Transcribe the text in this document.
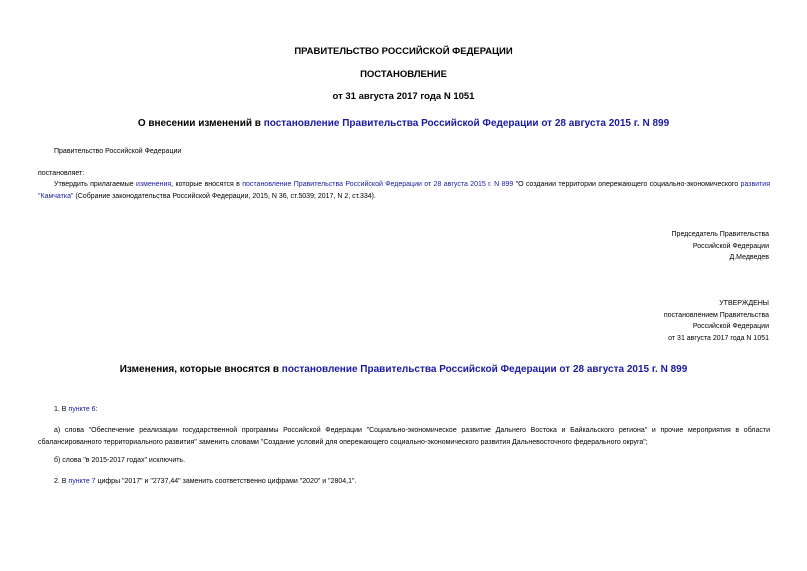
ПРАВИТЕЛЬСТВО РОССИЙСКОЙ ФЕДЕРАЦИИ
ПОСТАНОВЛЕНИЕ
от 31 августа 2017 года N 1051
О внесении изменений в постановление Правительства Российской Федерации от 28 августа 2015 г. N 899
Правительство Российской Федерации
постановляет:
Утвердить прилагаемые изменения, которые вносятся в постановление Правительства Российской Федерации от 28 августа 2015 г. N 899 "О создании территории опережающего социально-экономического развития "Камчатка" (Собрание законодательства Российской Федерации, 2015, N 36, ст.5039; 2017, N 2, ст.334).
Председатель Правительства
Российской Федерации
Д.Медведев
УТВЕРЖДЕНЫ
постановлением Правительства
Российской Федерации
от 31 августа 2017 года N 1051
Изменения, которые вносятся в постановление Правительства Российской Федерации от 28 августа 2015 г. N 899
1. В пункте 6:
а) слова "Обеспечение реализации государственной программы Российской Федерации "Социально-экономическое развитие Дальнего Востока и Байкальского региона" и прочие мероприятия в области сбалансированного территориального развития" заменить словами "Создание условий для опережающего социально-экономического развития Дальневосточного федерального округа";
б) слова "в 2015-2017 годах" исключить.
2. В пункте 7 цифры "2017" и "2737,44" заменить соответственно цифрами "2020" и "2804,1".
